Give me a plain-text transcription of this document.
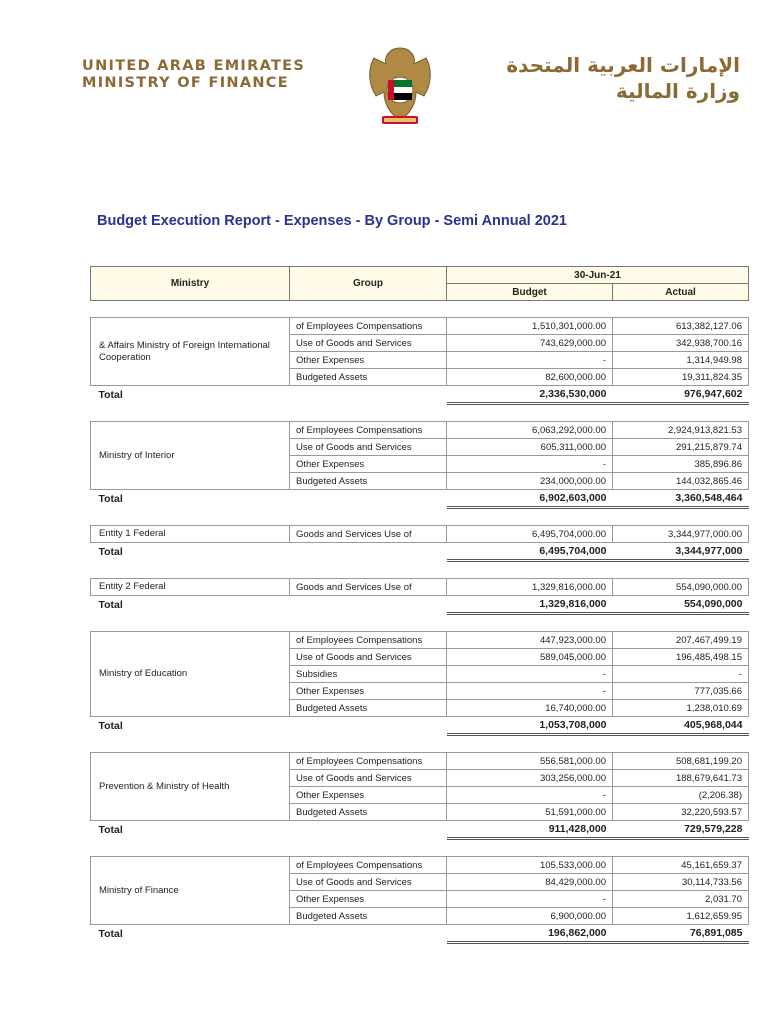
UNITED ARAB EMIRATES
MINISTRY OF FINANCE
الإمارات العربية المتحدة
وزارة المالية
Budget Execution Report - Expenses - By Group - Semi Annual 2021
Ministry	Group	30-Jun-21	
		Budget	Actual
& Affairs Ministry of Foreign International Cooperation	of Employees Compensations	1,510,301,000.00	613,382,127.06
	Use of Goods and Services	743,629,000.00	342,938,700.16
	Other Expenses	-	1,314,949.98
	Budgeted Assets	82,600,000.00	19,311,824.35
Total		2,336,530,000	976,947,602
Ministry of Interior	of Employees Compensations	6,063,292,000.00	2,924,913,821.53
	Use of Goods and Services	605,311,000.00	291,215,879.74
	Other Expenses	-	385,896.86
	Budgeted Assets	234,000,000.00	144,032,865.46
Total		6,902,603,000	3,360,548,464
Entity 1 Federal	Goods and Services Use of	6,495,704,000.00	3,344,977,000.00
Total		6,495,704,000	3,344,977,000
Entity 2 Federal	Goods and Services Use of	1,329,816,000.00	554,090,000.00
Total		1,329,816,000	554,090,000
Ministry of Education	of Employees Compensations	447,923,000.00	207,467,499.19
	Use of Goods and Services	589,045,000.00	196,485,498.15
	Subsidies	-	-
	Other Expenses	-	777,035.66
	Budgeted Assets	16,740,000.00	1,238,010.69
Total		1,053,708,000	405,968,044
Prevention & Ministry of Health	of Employees Compensations	556,581,000.00	508,681,199.20
	Use of Goods and Services	303,256,000.00	188,679,641.73
	Other Expenses	-	(2,206.38)
	Budgeted Assets	51,591,000.00	32,220,593.57
Total		911,428,000	729,579,228
Ministry of Finance	of Employees Compensations	105,533,000.00	45,161,659.37
	Use of Goods and Services	84,429,000.00	30,114,733.56
	Other Expenses	-	2,031.70
	Budgeted Assets	6,900,000.00	1,612,659.95
Total		196,862,000	76,891,085
